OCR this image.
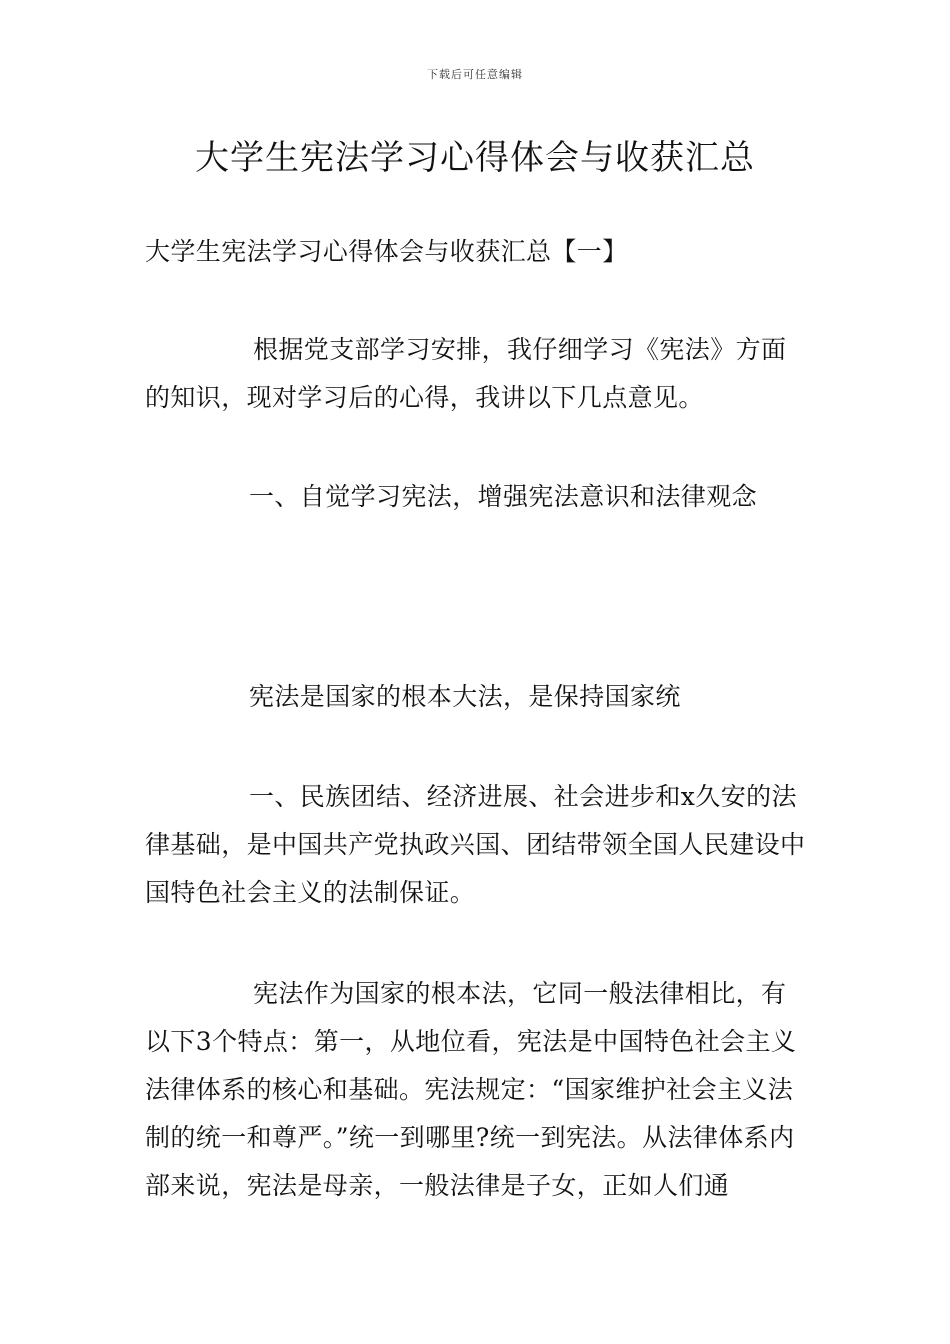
下载后可任意编辑
大学生宪法学习心得体会与收获汇总

大学生宪法学习心得体会与收获汇总【一】

根据党支部学习安排，我仔细学习《宪法》方面的知识，现对学习后的心得，我讲以下几点意见。

一、自觉学习宪法，增强宪法意识和法律观念

宪法是国家的根本大法，是保持国家统

一、民族团结、经济进展、社会进步和x久安的法律基础，是中国共产党执政兴国、团结带领全国人民建设中国特色社会主义的法制保证。

宪法作为国家的根本法，它同一般法律相比，有以下3个特点：第一，从地位看，宪法是中国特色社会主义法律体系的核心和基础。宪法规定：“国家维护社会主义法制的统一和尊严。”统一到哪里?统一到宪法。从法律体系内部来说，宪法是母亲，一般法律是子女，正如人们通
